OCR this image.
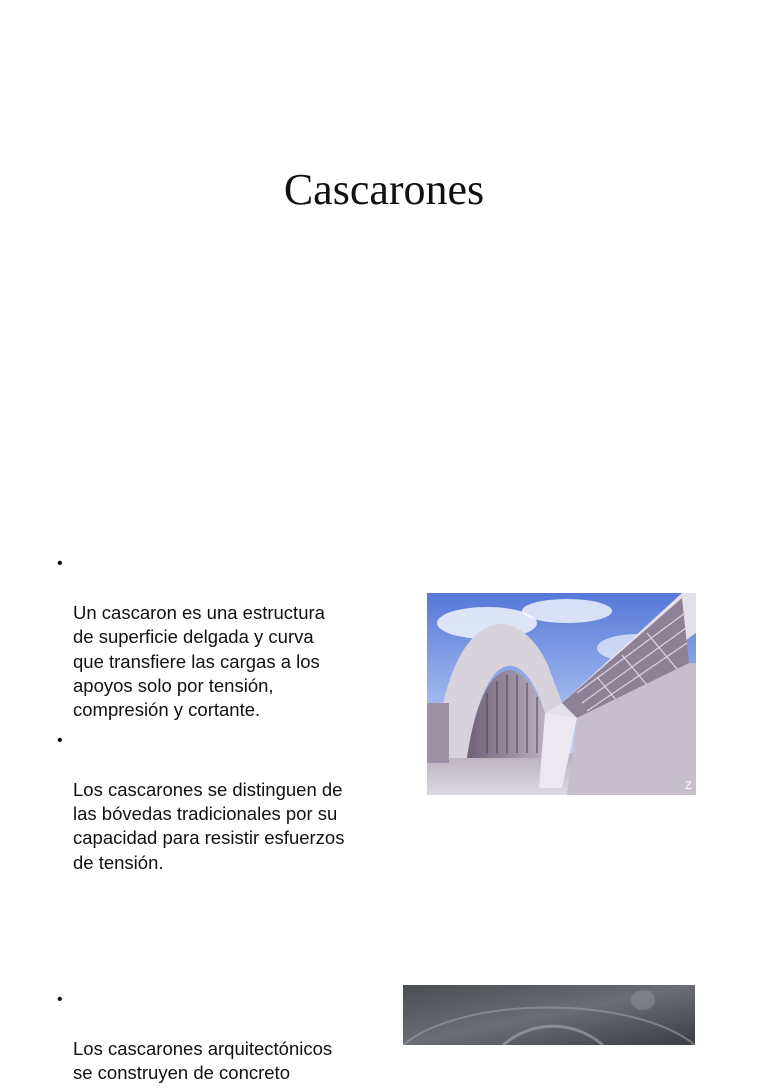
Cascarones

•

Un cascaron es una estructura
de superficie delgada y curva
que transfiere las cargas a los
apoyos solo por tensión,
compresión y cortante.

•

Los cascarones se distinguen de
las bóvedas tradicionales por su
capacidad para resistir esfuerzos
de tensión.

Z

•

Los cascarones arquitectónicos
se construyen de concreto
